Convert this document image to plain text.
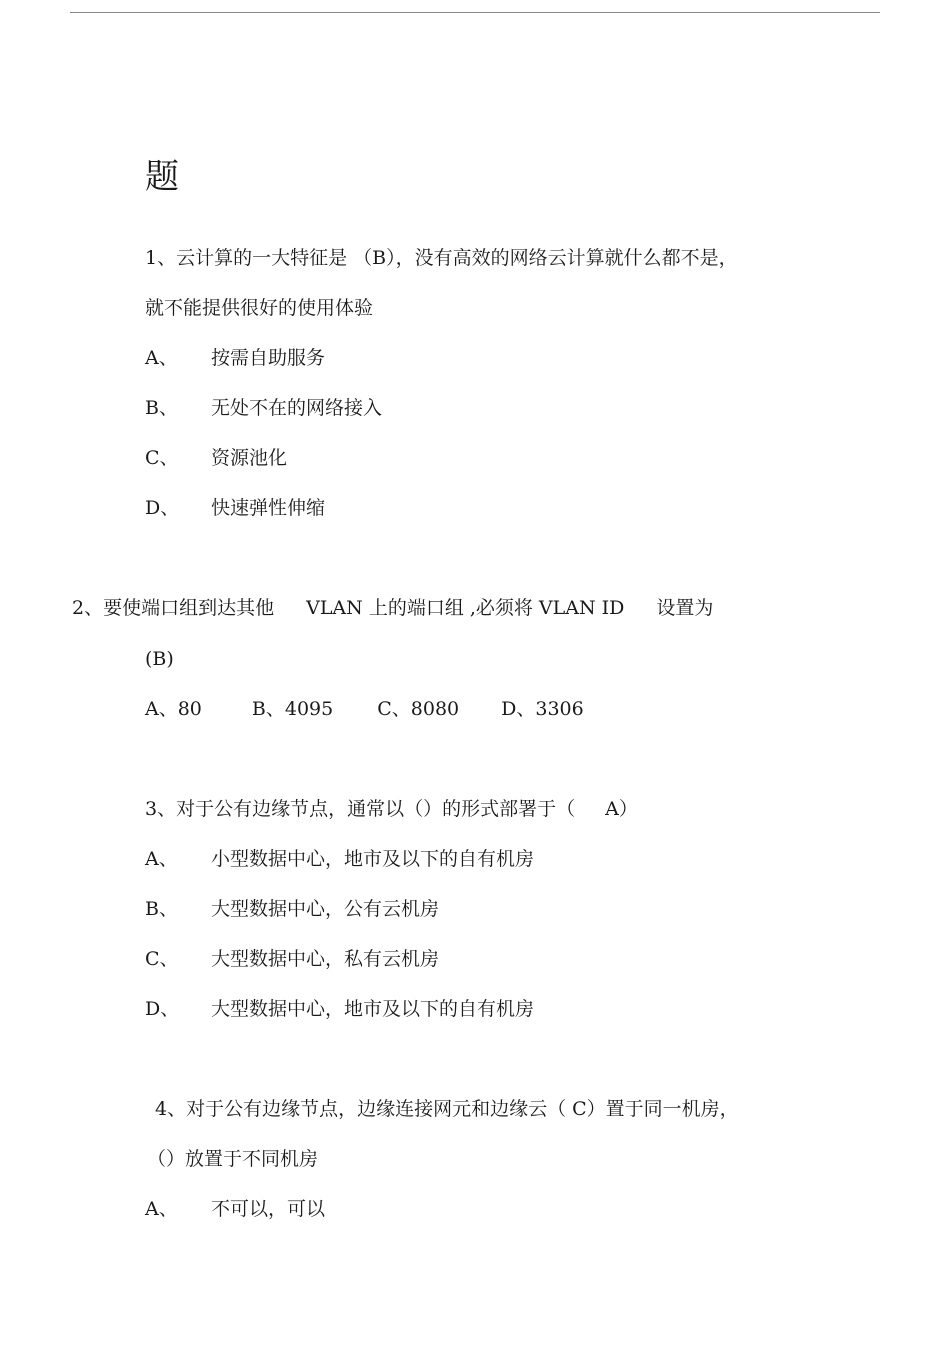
题
1、云计算的一大特征是 （B），没有高效的网络云计算就什么都不是，
就不能提供很好的使用体验
A、 按需自助服务
B、 无处不在的网络接入
C、 资源池化
D、 快速弹性伸缩
2、要使端口组到达其他 VLAN 上的端口组 ,必须将 VLAN ID 设置为
(B)
A、80	B、4095 C、8080 D、3306
3、对于公有边缘节点，通常以（）的形式部署于（ A）
A、 小型数据中心，地市及以下的自有机房
B、 大型数据中心，公有云机房
C、 大型数据中心，私有云机房
D、 大型数据中心，地市及以下的自有机房
4、对于公有边缘节点，边缘连接网元和边缘云（ C）置于同一机房，
（）放置于不同机房
A、 不可以，可以
